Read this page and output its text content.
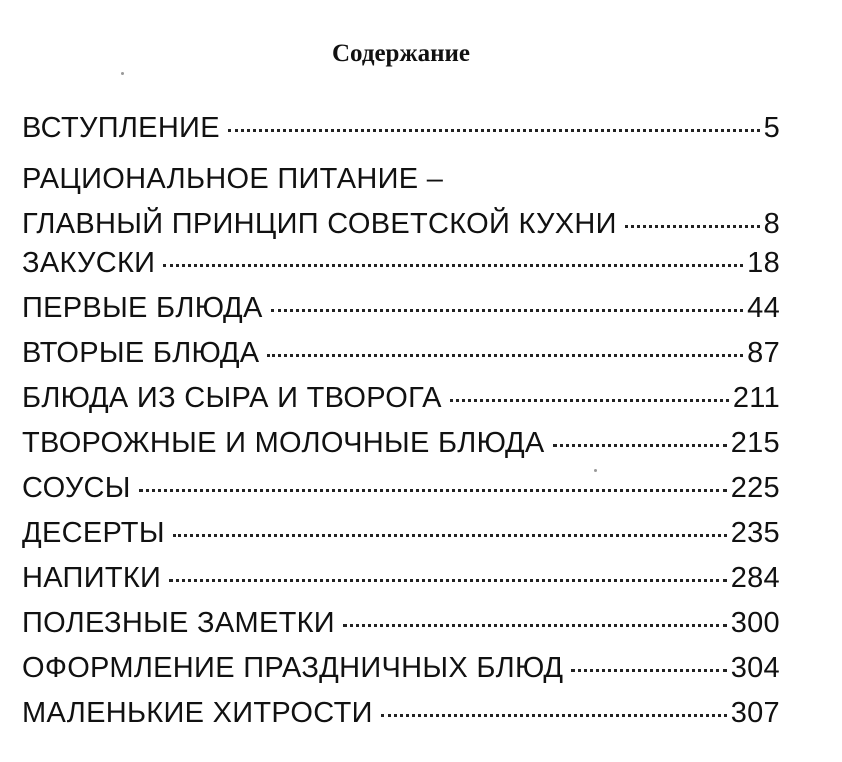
Содержание
ВСТУПЛЕНИЕ	5
РАЦИОНАЛЬНОЕ ПИТАНИЕ –
ГЛАВНЫЙ ПРИНЦИП СОВЕТСКОЙ КУХНИ	8
ЗАКУСКИ	18
ПЕРВЫЕ БЛЮДА	44
ВТОРЫЕ БЛЮДА	87
БЛЮДА ИЗ СЫРА И ТВОРОГА	211
ТВОРОЖНЫЕ И МОЛОЧНЫЕ БЛЮДА	215
СОУСЫ	225
ДЕСЕРТЫ	235
НАПИТКИ	284
ПОЛЕЗНЫЕ ЗАМЕТКИ	300
ОФОРМЛЕНИЕ ПРАЗДНИЧНЫХ БЛЮД	304
МАЛЕНЬКИЕ ХИТРОСТИ	307
